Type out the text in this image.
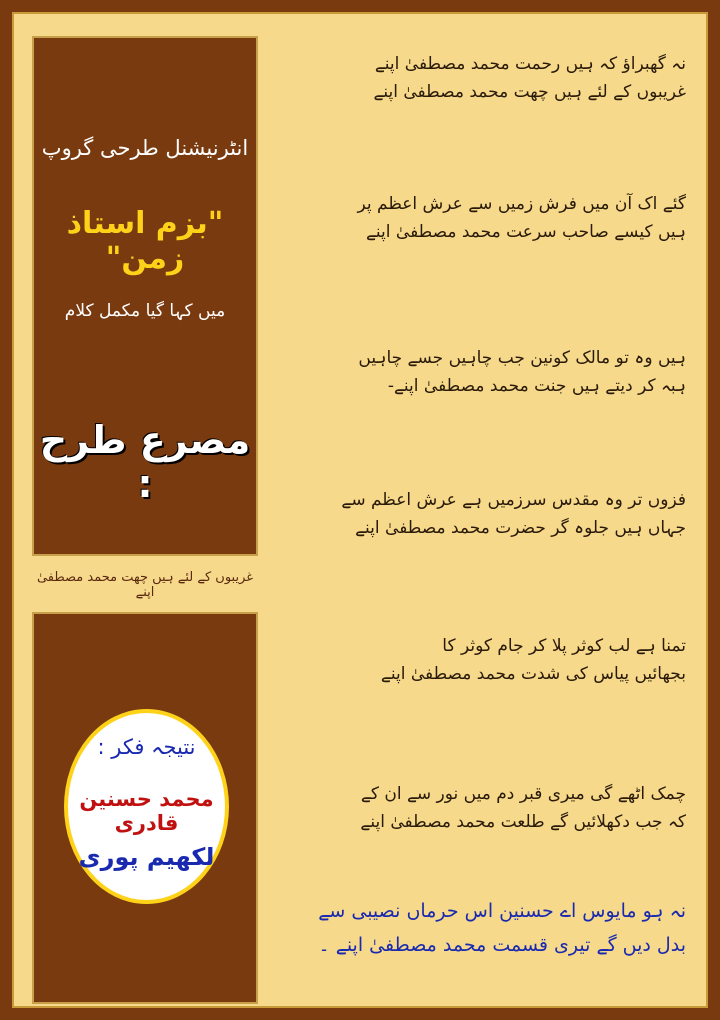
انٹرنیشنل طرحی گروپ
"بزم استاذ زمن"
میں کہا گیا مکمل کلام
مصرع طرح :
غریبوں کے لئے ہیں چھت محمد مصطفیٰ اپنے
نتیجہ فکر :
محمد حسنین قادری
لکھیم پوری
نہ گھبراؤ کہ ہیں رحمت محمد مصطفیٰ اپنے
غریبوں کے لئے ہیں چھت محمد مصطفیٰ اپنے
گئے اک آن میں فرش زمیں سے عرش اعظم پر
ہیں کیسے صاحب سرعت محمد مصطفیٰ اپنے
ہیں وہ تو مالک کونین جب چاہیں جسے چاہیں
ہبہ کر دیتے ہیں جنت محمد مصطفیٰ اپنے-
فزوں تر وہ مقدس سرزمیں ہے عرش اعظم سے
جہاں ہیں جلوہ گر حضرت محمد مصطفیٰ اپنے
تمنا ہے لب کوثر پلا کر جام کوثر کا
بجھائیں پیاس کی شدت محمد مصطفیٰ اپنے
چمک اٹھے گی میری قبر دم میں نور سے ان کے
کہ جب دکھلائیں گے طلعت محمد مصطفیٰ اپنے
نہ ہو مایوس اے حسنین اس حرماں نصیبی سے
بدل دیں گے تیری قسمت محمد مصطفیٰ اپنے ۔
